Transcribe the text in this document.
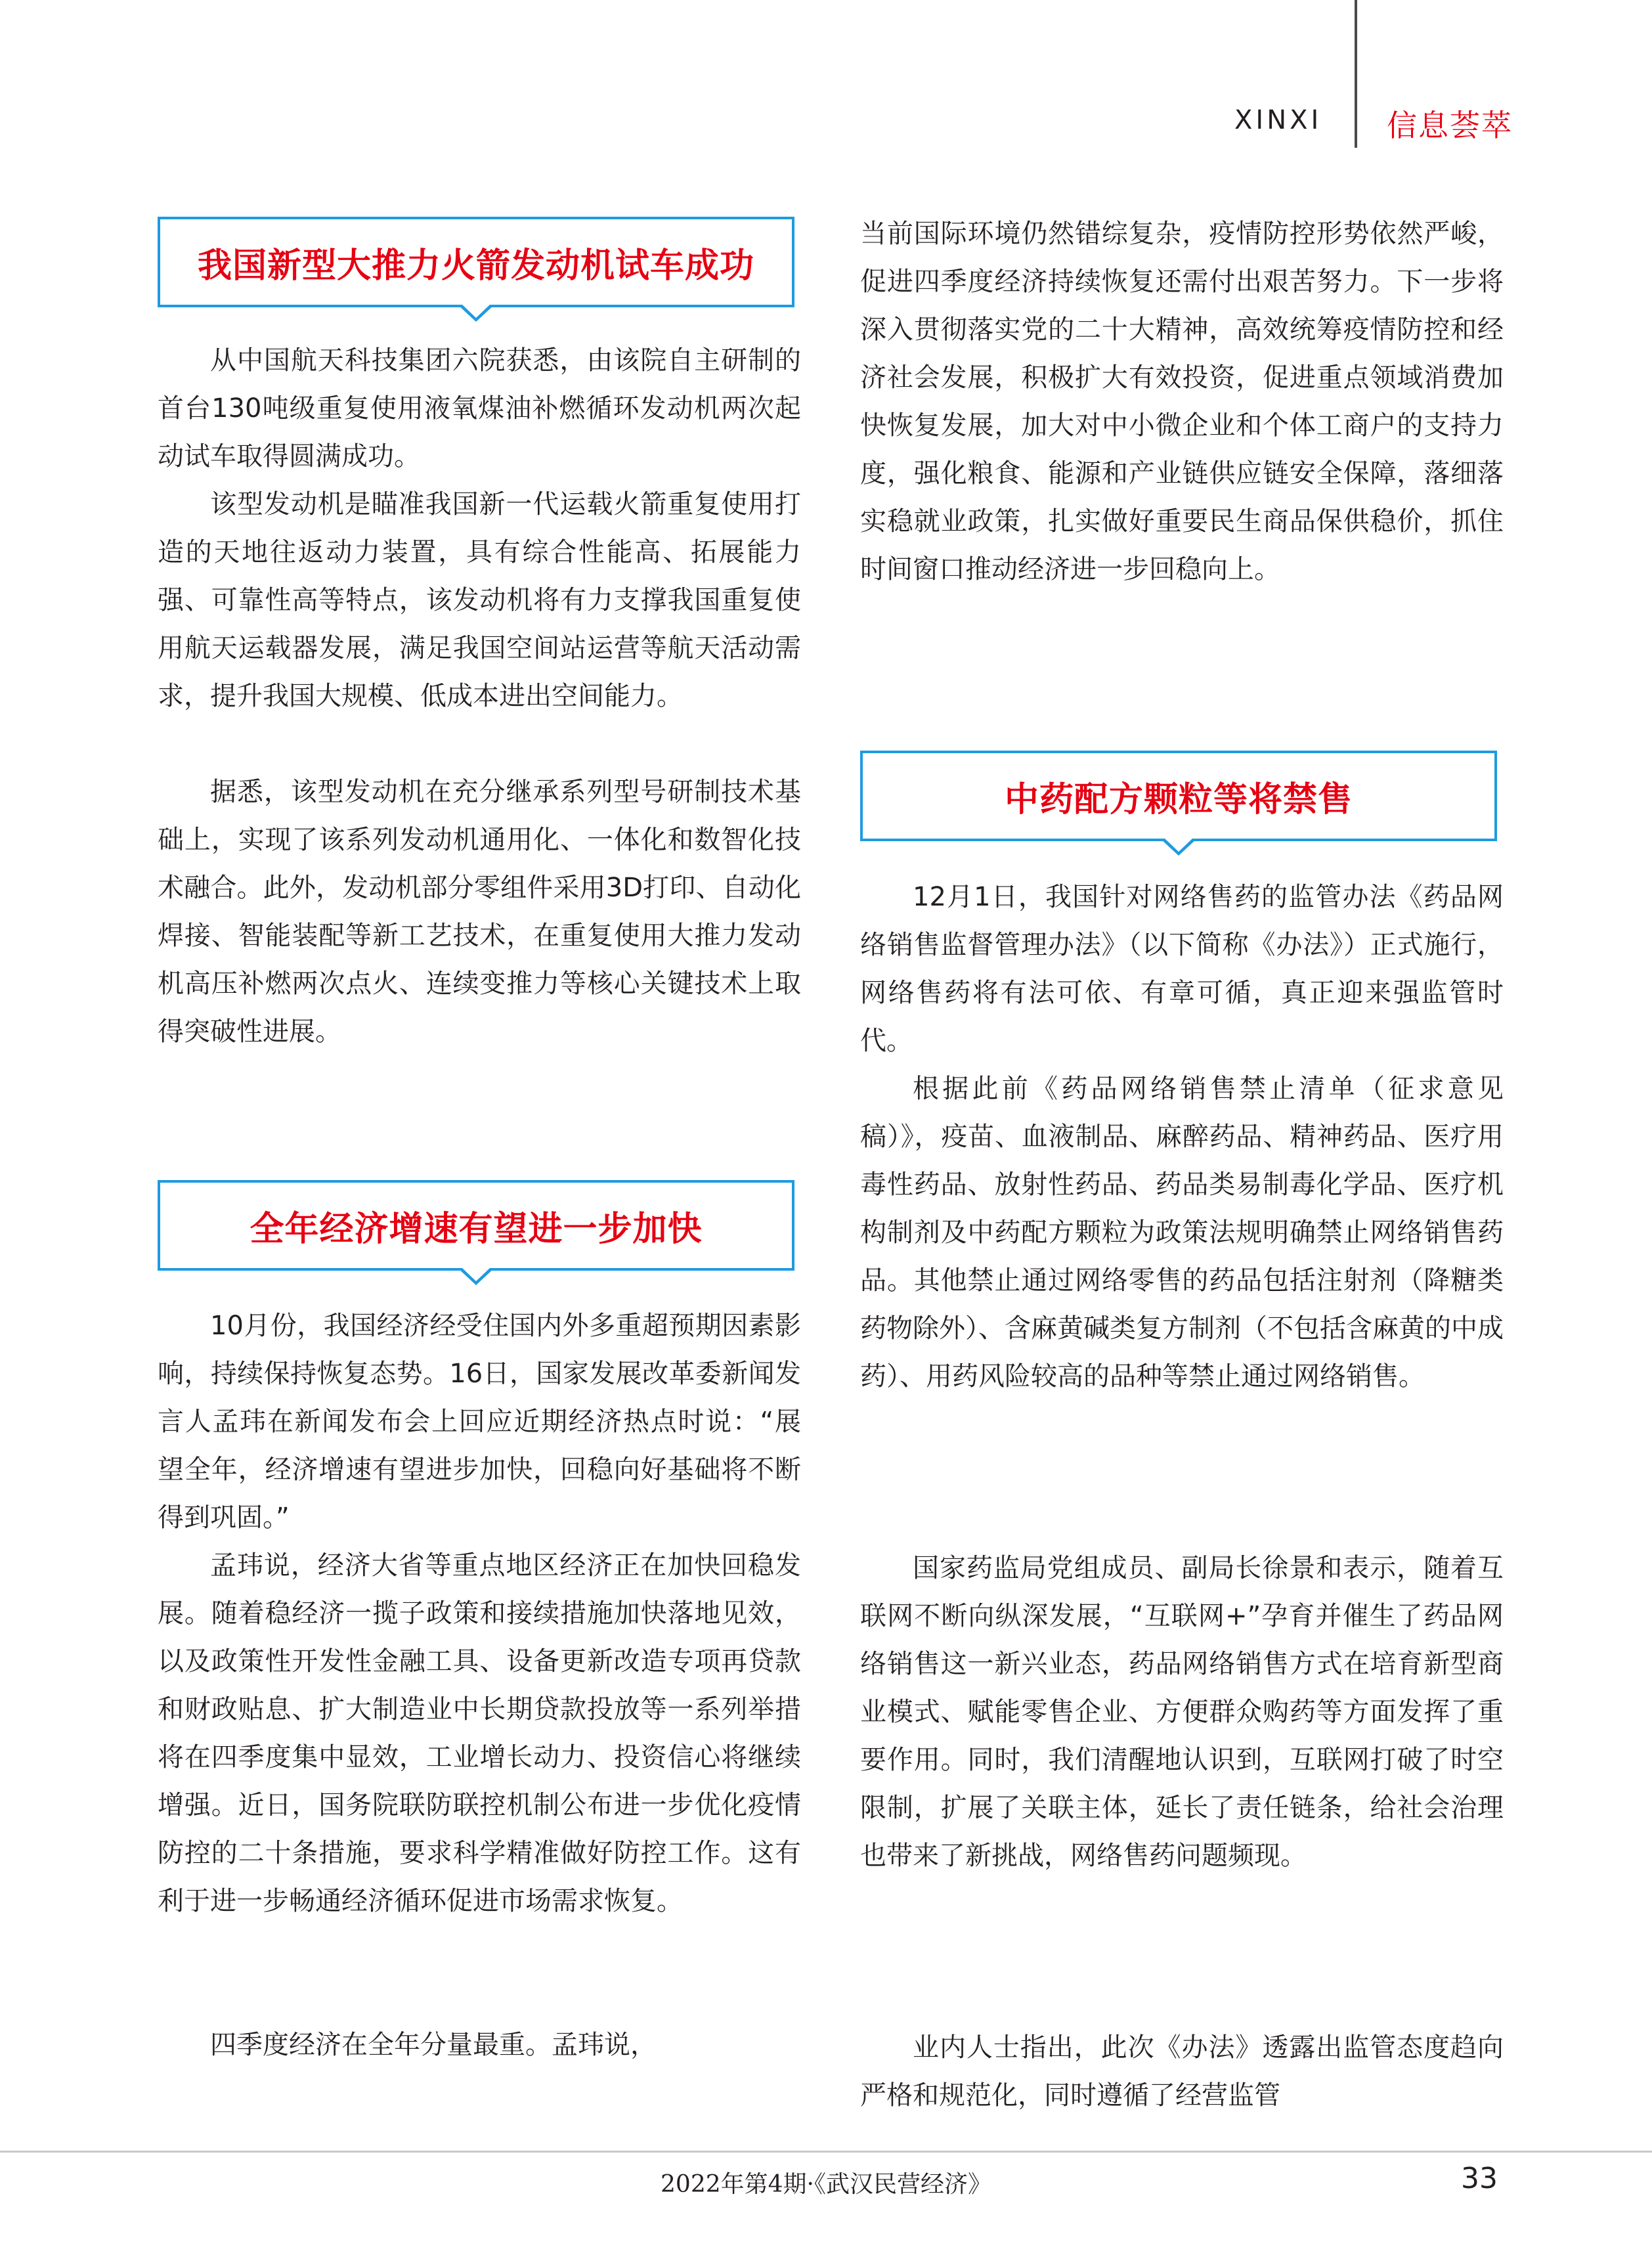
XINXI 信息荟萃
我国新型大推力火箭发动机试车成功

从中国航天科技集团六院获悉，由该院自主研制的首台130吨级重复使用液氧煤油补燃循环发动机两次起动试车取得圆满成功。

该型发动机是瞄准我国新一代运载火箭重复使用打造的天地往返动力装置，具有综合性能高、拓展能力强、可靠性高等特点，该发动机将有力支撑我国重复使用航天运载器发展，满足我国空间站运营等航天活动需求，提升我国大规模、低成本进出空间能力。

据悉，该型发动机在充分继承系列型号研制技术基础上，实现了该系列发动机通用化、一体化和数智化技术融合。此外，发动机部分零组件采用3D打印、自动化焊接、智能装配等新工艺技术，在重复使用大推力发动机高压补燃两次点火、连续变推力等核心关键技术上取得突破性进展。

全年经济增速有望进一步加快

10月份，我国经济经受住国内外多重超预期因素影响，持续保持恢复态势。16日，国家发展改革委新闻发言人孟玮在新闻发布会上回应近期经济热点时说：“展望全年，经济增速有望进步加快，回稳向好基础将不断得到巩固。”

孟玮说，经济大省等重点地区经济正在加快回稳发展。随着稳经济一揽子政策和接续措施加快落地见效，以及政策性开发性金融工具、设备更新改造专项再贷款和财政贴息、扩大制造业中长期贷款投放等一系列举措将在四季度集中显效，工业增长动力、投资信心将继续增强。近日，国务院联防联控机制公布进一步优化疫情防控的二十条措施，要求科学精准做好防控工作。这有利于进一步畅通经济循环促进市场需求恢复。

四季度经济在全年分量最重。孟玮说，

当前国际环境仍然错综复杂，疫情防控形势依然严峻，促进四季度经济持续恢复还需付出艰苦努力。下一步将深入贯彻落实党的二十大精神，高效统筹疫情防控和经济社会发展，积极扩大有效投资，促进重点领域消费加快恢复发展，加大对中小微企业和个体工商户的支持力度，强化粮食、能源和产业链供应链安全保障，落细落实稳就业政策，扎实做好重要民生商品保供稳价，抓住时间窗口推动经济进一步回稳向上。

中药配方颗粒等将禁售

12月1日，我国针对网络售药的监管办法《药品网络销售监督管理办法》（以下简称《办法》）正式施行，网络售药将有法可依、有章可循，真正迎来强监管时代。

根据此前《药品网络销售禁止清单（征求意见稿）》，疫苗、血液制品、麻醉药品、精神药品、医疗用毒性药品、放射性药品、药品类易制毒化学品、医疗机构制剂及中药配方颗粒为政策法规明确禁止网络销售药品。其他禁止通过网络零售的药品包括注射剂（降糖类药物除外）、含麻黄碱类复方制剂（不包括含麻黄的中成药）、用药风险较高的品种等禁止通过网络销售。

国家药监局党组成员、副局长徐景和表示，随着互联网不断向纵深发展，“互联网+”孕育并催生了药品网络销售这一新兴业态，药品网络销售方式在培育新型商业模式、赋能零售企业、方便群众购药等方面发挥了重要作用。同时，我们清醒地认识到，互联网打破了时空限制，扩展了关联主体，延长了责任链条，给社会治理也带来了新挑战，网络售药问题频现。

业内人士指出，此次《办法》透露出监管态度趋向严格和规范化，同时遵循了经营监管

2022年第4期·《武汉民营经济》	33
